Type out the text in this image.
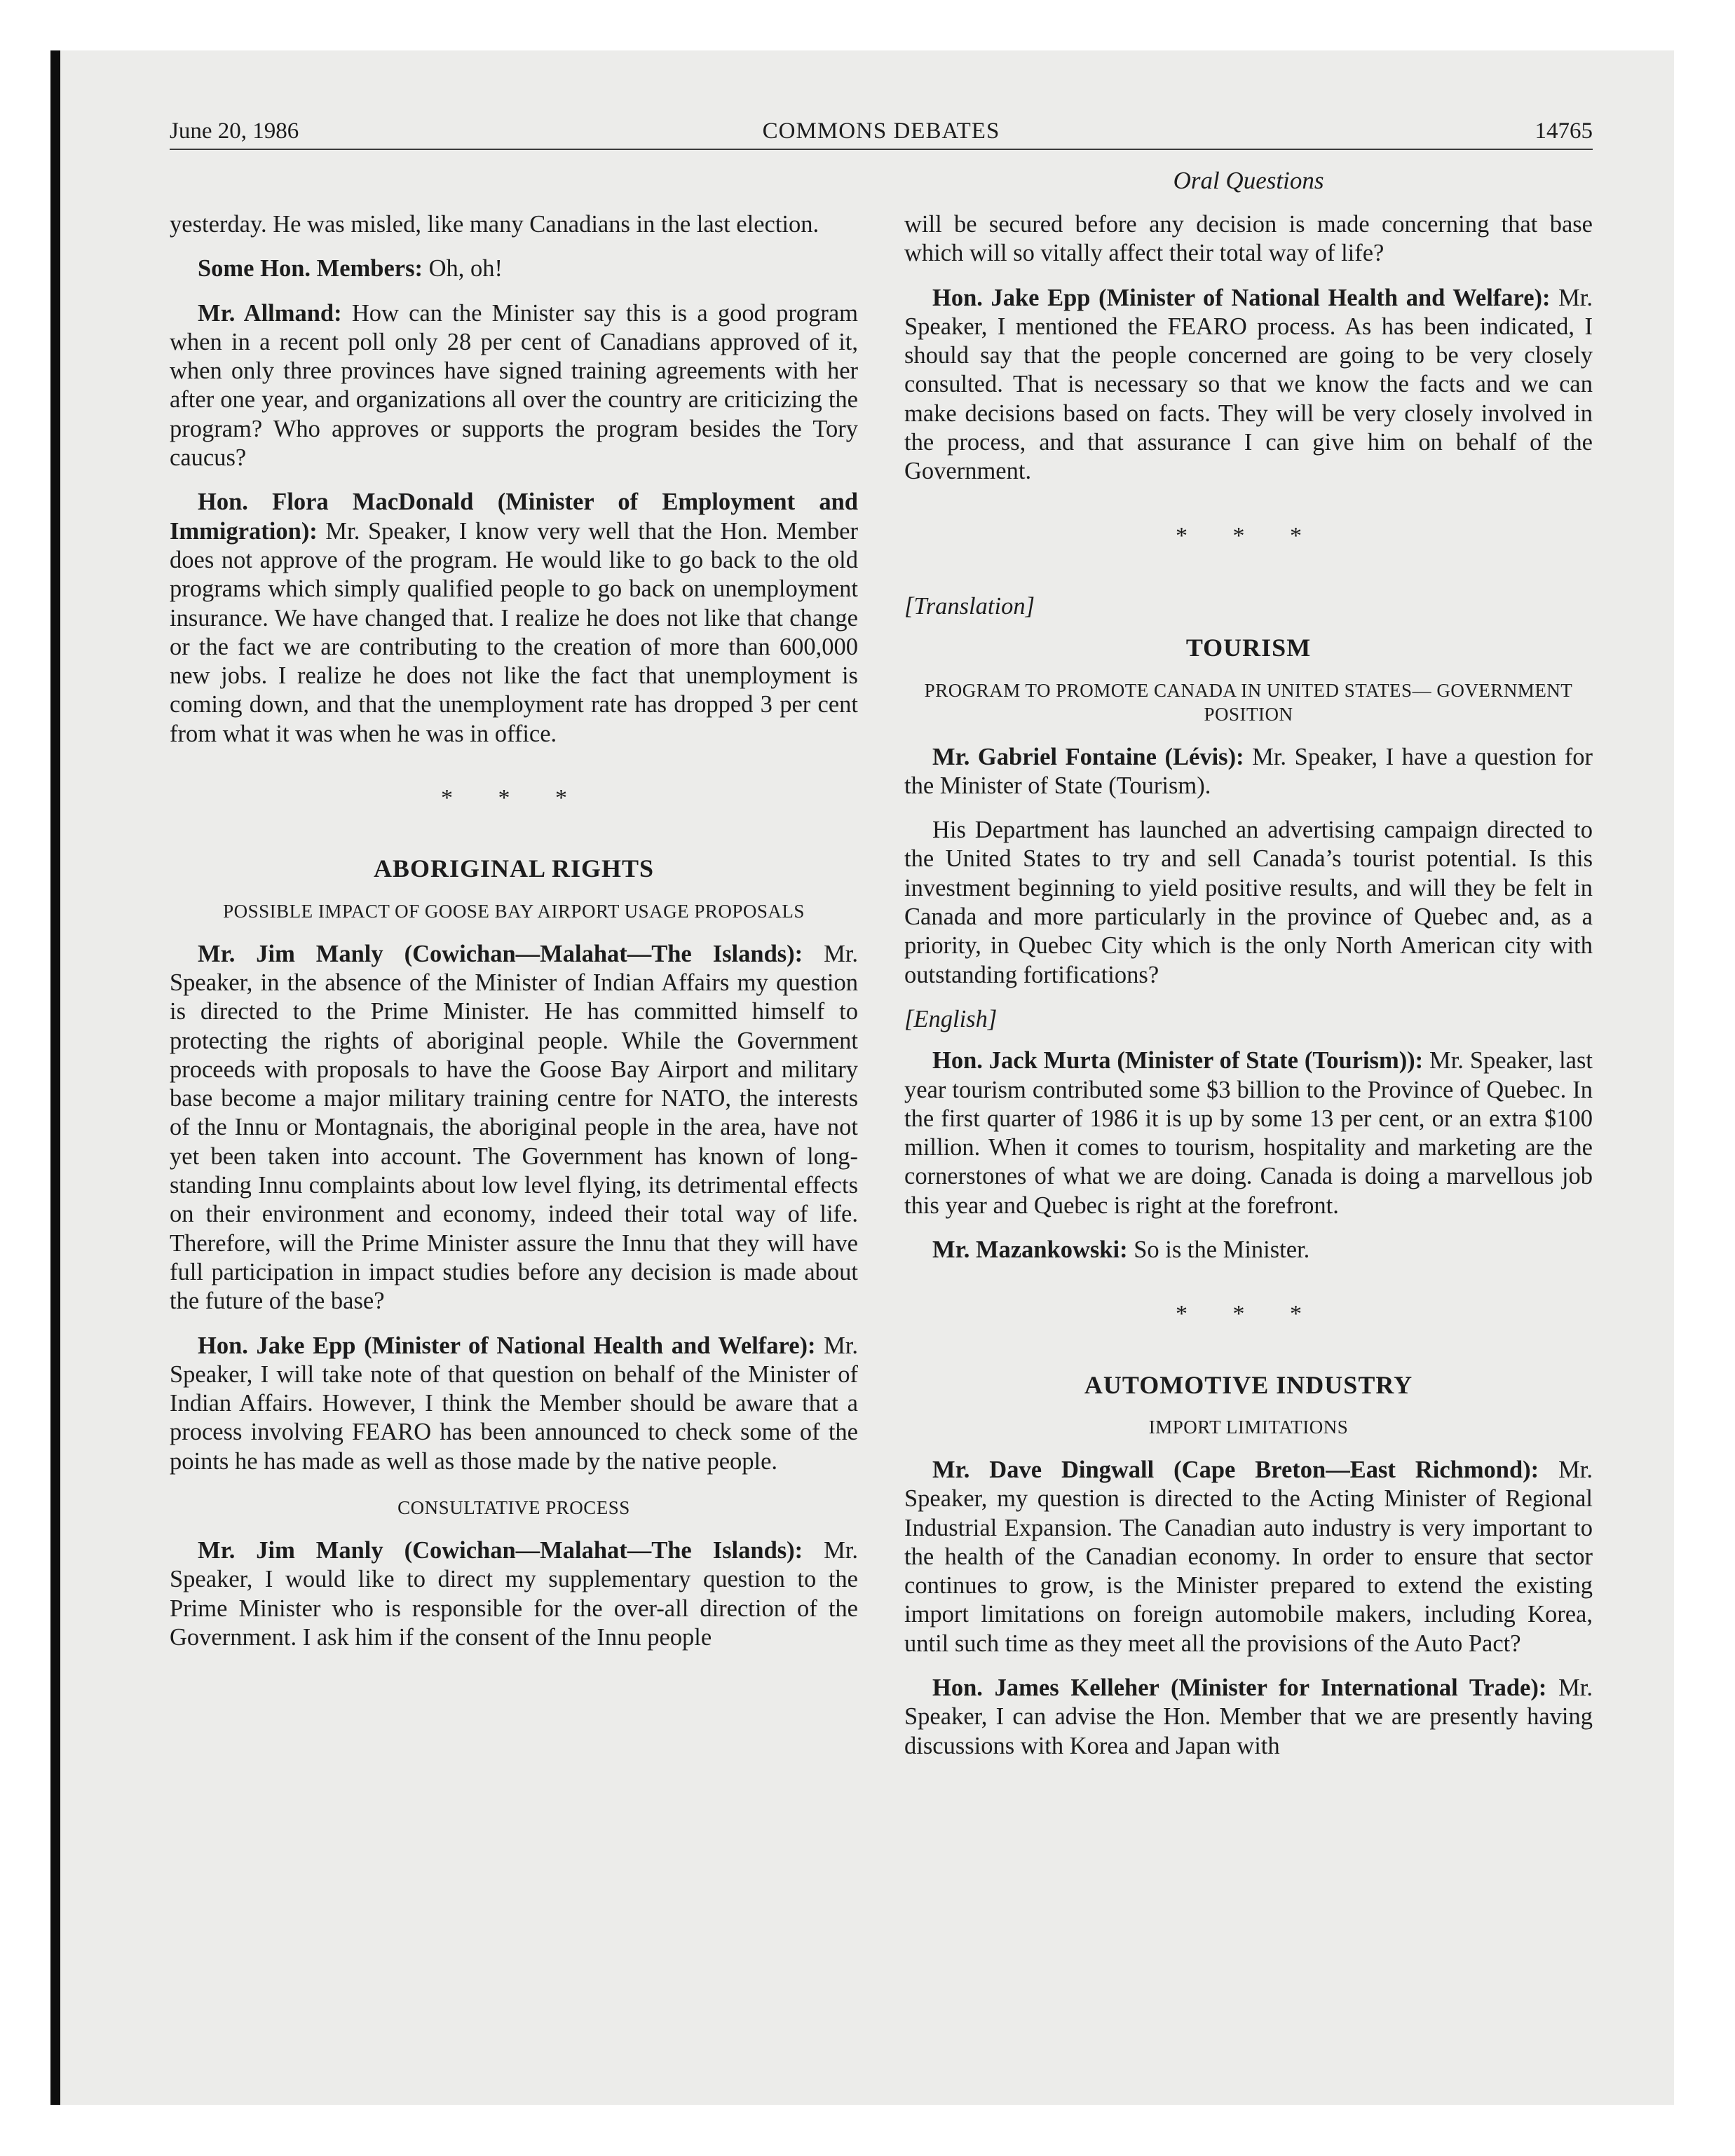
June 20, 1986	COMMONS DEBATES	14765
Oral Questions

yesterday. He was misled, like many Canadians in the last election.

Some Hon. Members: Oh, oh!

Mr. Allmand: How can the Minister say this is a good program when in a recent poll only 28 per cent of Canadians approved of it, when only three provinces have signed training agreements with her after one year, and organizations all over the country are criticizing the program? Who approves or supports the program besides the Tory caucus?

Hon. Flora MacDonald (Minister of Employment and Immigration): Mr. Speaker, I know very well that the Hon. Member does not approve of the program. He would like to go back to the old programs which simply qualified people to go back on unemployment insurance. We have changed that. I realize he does not like that change or the fact we are contributing to the creation of more than 600,000 new jobs. I realize he does not like the fact that unemployment is coming down, and that the unemployment rate has dropped 3 per cent from what it was when he was in office.

* * *
ABORIGINAL RIGHTS
POSSIBLE IMPACT OF GOOSE BAY AIRPORT USAGE PROPOSALS

Mr. Jim Manly (Cowichan—Malahat—The Islands): Mr. Speaker, in the absence of the Minister of Indian Affairs my question is directed to the Prime Minister. He has committed himself to protecting the rights of aboriginal people. While the Government proceeds with proposals to have the Goose Bay Airport and military base become a major military training centre for NATO, the interests of the Innu or Montagnais, the aboriginal people in the area, have not yet been taken into account. The Government has known of long-standing Innu complaints about low level flying, its detrimental effects on their environment and economy, indeed their total way of life. Therefore, will the Prime Minister assure the Innu that they will have full participation in impact studies before any decision is made about the future of the base?

Hon. Jake Epp (Minister of National Health and Welfare): Mr. Speaker, I will take note of that question on behalf of the Minister of Indian Affairs. However, I think the Member should be aware that a process involving FEARO has been announced to check some of the points he has made as well as those made by the native people.

CONSULTATIVE PROCESS

Mr. Jim Manly (Cowichan—Malahat—The Islands): Mr. Speaker, I would like to direct my supplementary question to the Prime Minister who is responsible for the over-all direction of the Government. I ask him if the consent of the Innu people

will be secured before any decision is made concerning that base which will so vitally affect their total way of life?

Hon. Jake Epp (Minister of National Health and Welfare): Mr. Speaker, I mentioned the FEARO process. As has been indicated, I should say that the people concerned are going to be very closely consulted. That is necessary so that we know the facts and we can make decisions based on facts. They will be very closely involved in the process, and that assurance I can give him on behalf of the Government.

* * *
[Translation]
TOURISM
PROGRAM TO PROMOTE CANADA IN UNITED STATES— GOVERNMENT POSITION

Mr. Gabriel Fontaine (Lévis): Mr. Speaker, I have a question for the Minister of State (Tourism).

His Department has launched an advertising campaign directed to the United States to try and sell Canada’s tourist potential. Is this investment beginning to yield positive results, and will they be felt in Canada and more particularly in the province of Quebec and, as a priority, in Quebec City which is the only North American city with outstanding fortifications?

[English]

Hon. Jack Murta (Minister of State (Tourism)): Mr. Speaker, last year tourism contributed some $3 billion to the Province of Quebec. In the first quarter of 1986 it is up by some 13 per cent, or an extra $100 million. When it comes to tourism, hospitality and marketing are the cornerstones of what we are doing. Canada is doing a marvellous job this year and Quebec is right at the forefront.

Mr. Mazankowski: So is the Minister.

* * *
AUTOMOTIVE INDUSTRY
IMPORT LIMITATIONS

Mr. Dave Dingwall (Cape Breton—East Richmond): Mr. Speaker, my question is directed to the Acting Minister of Regional Industrial Expansion. The Canadian auto industry is very important to the health of the Canadian economy. In order to ensure that sector continues to grow, is the Minister prepared to extend the existing import limitations on foreign automobile makers, including Korea, until such time as they meet all the provisions of the Auto Pact?

Hon. James Kelleher (Minister for International Trade): Mr. Speaker, I can advise the Hon. Member that we are presently having discussions with Korea and Japan with
